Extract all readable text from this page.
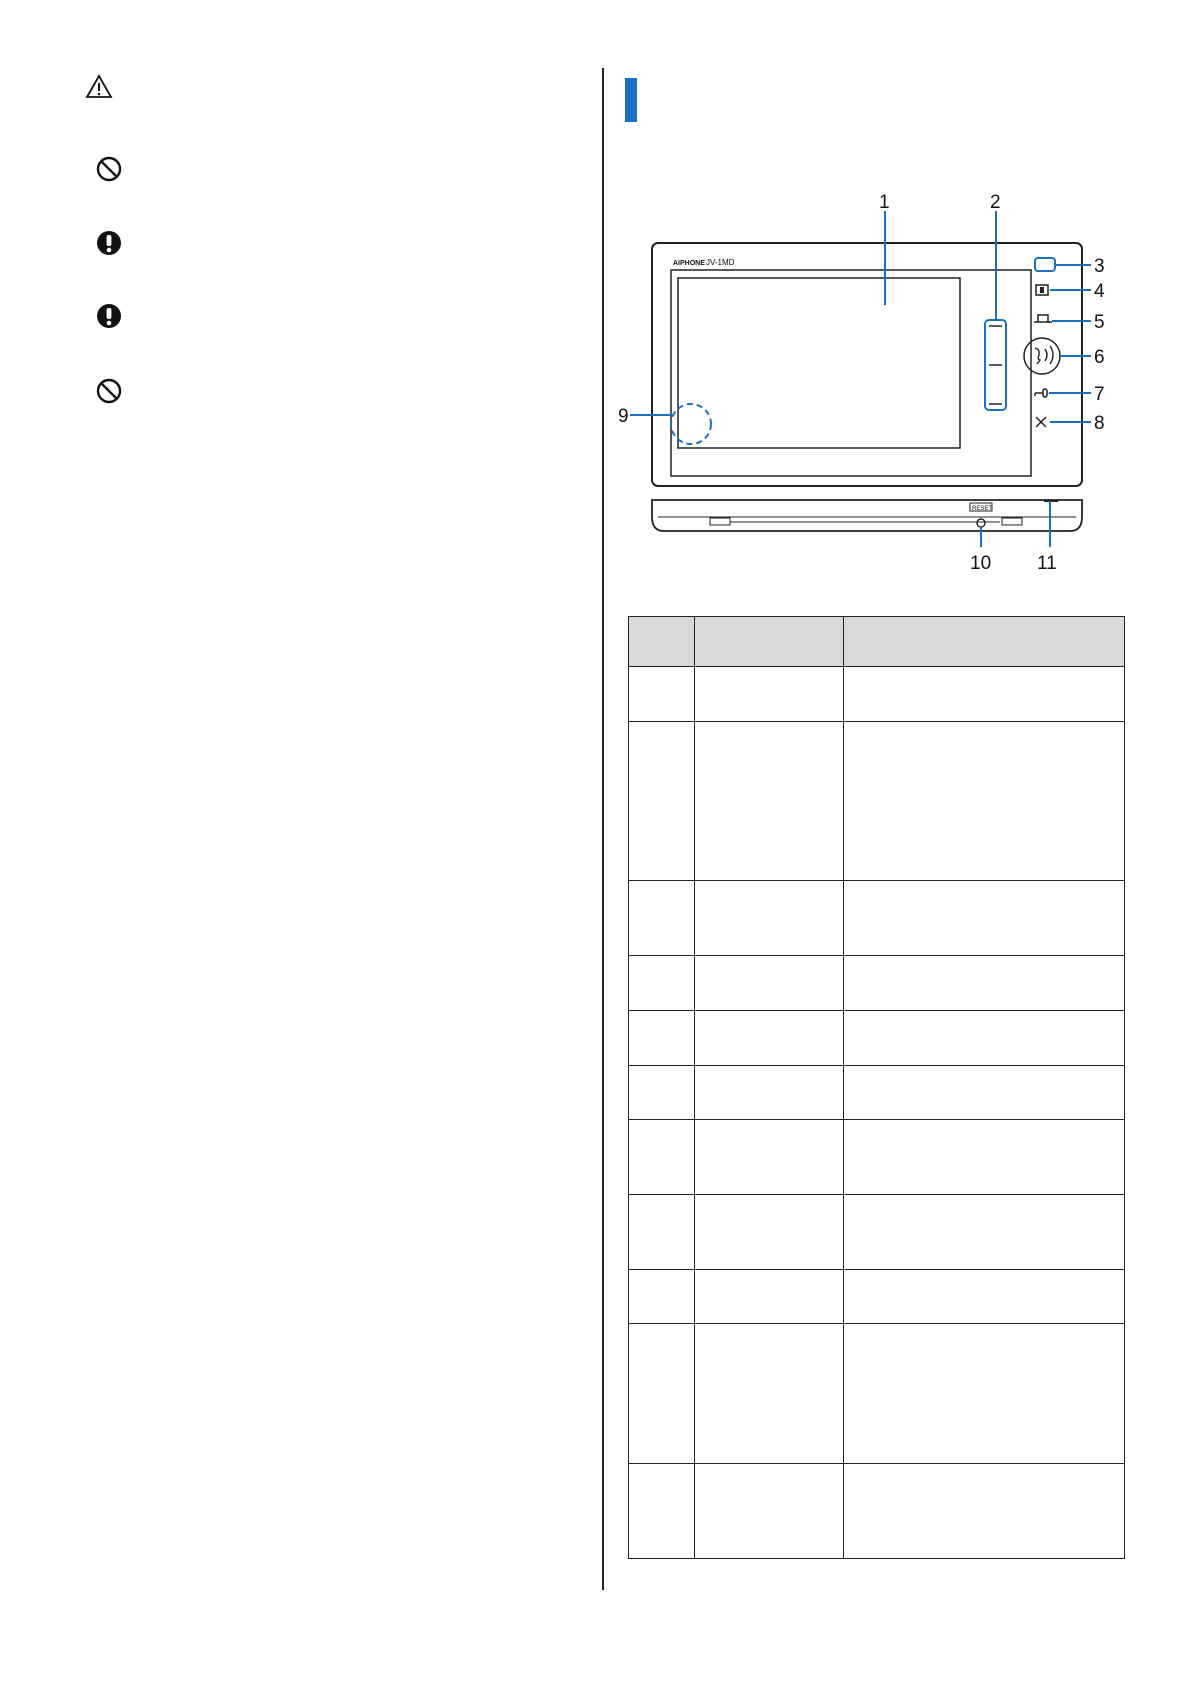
AIPHONE JV-1MD
RESET
1	2
3
4
5
6
7
8
9
10 11
